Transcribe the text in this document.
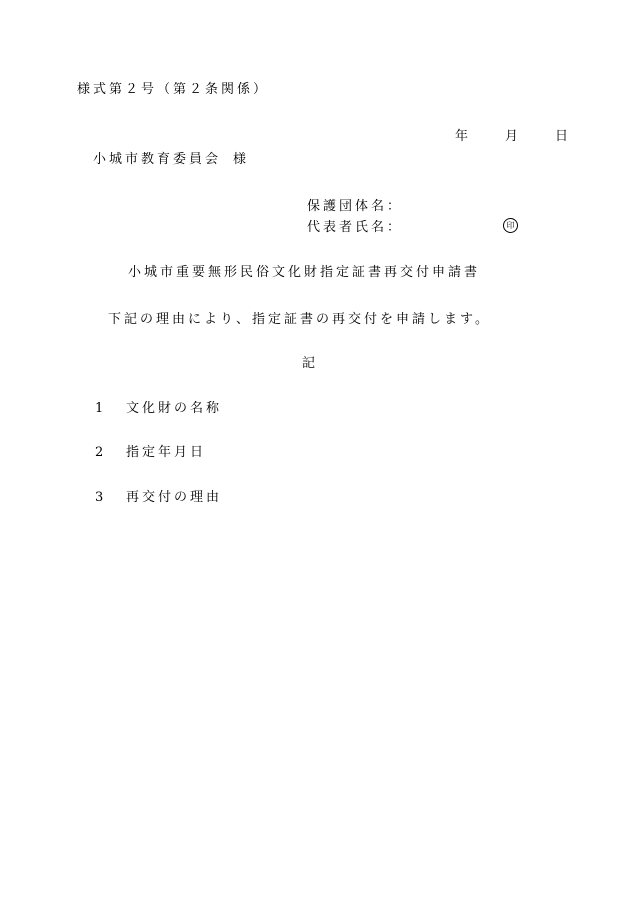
様式第２号（第２条関係）
年	月	日
小城市教育委員会 様
保護団体名：
代表者氏名：	印
小城市重要無形民俗文化財指定証書再交付申請書
下記の理由により、指定証書の再交付を申請します。
記
1 文化財の名称
2 指定年月日
3 再交付の理由
